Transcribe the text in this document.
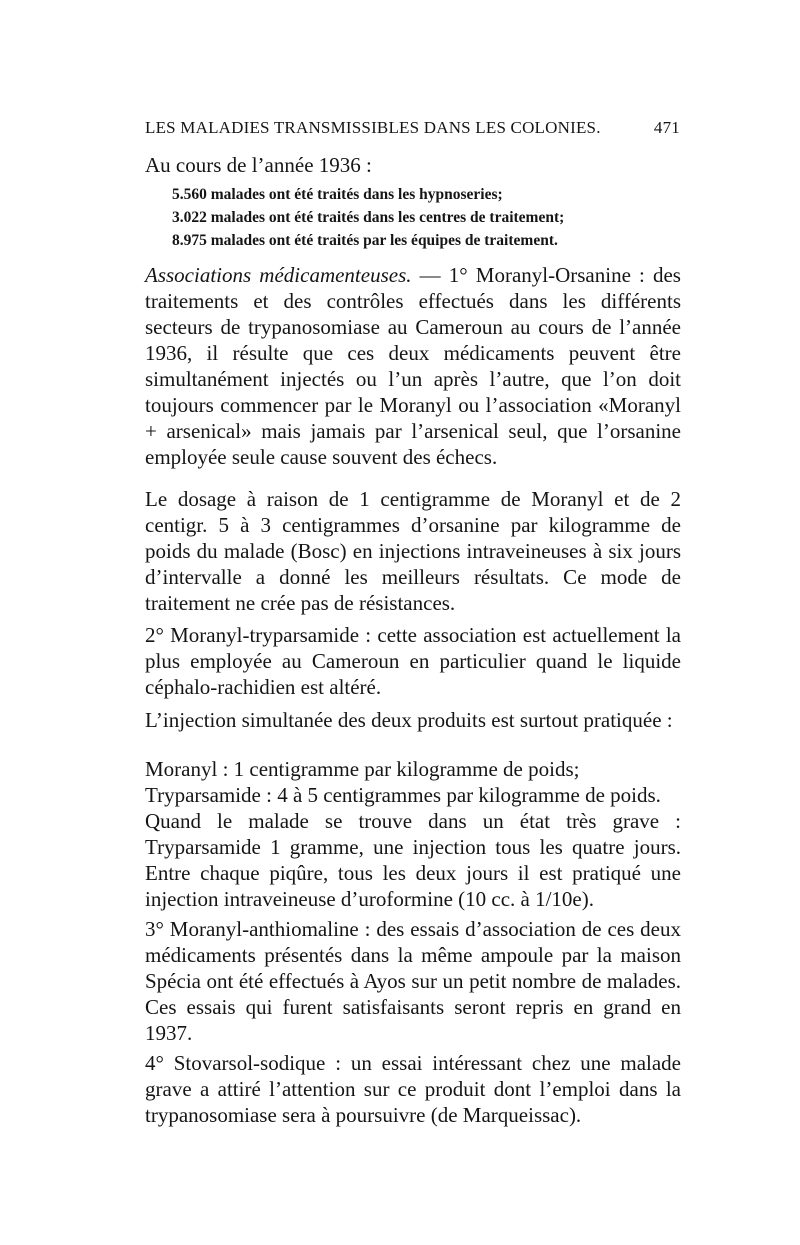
LES MALADIES TRANSMISSIBLES DANS LES COLONIES.	471
Au cours de l’année 1936 :
5.560 malades ont été traités dans les hypnoseries;
3.022 malades ont été traités dans les centres de traitement;
8.975 malades ont été traités par les équipes de traitement.
Associations médicamenteuses. — 1° Moranyl-Orsanine : des traitements et des contrôles effectués dans les différents secteurs de trypanosomiase au Cameroun au cours de l’année 1936, il résulte que ces deux médicaments peuvent être simultanément injectés ou l’un après l’autre, que l’on doit toujours commencer par le Moranyl ou l’association «Moranyl + arsenical» mais jamais par l’arsenical seul, que l’orsanine employée seule cause souvent des échecs.
Le dosage à raison de 1 centigramme de Moranyl et de 2 centigr. 5 à 3 centigrammes d’orsanine par kilogramme de poids du malade (Bosc) en injections intraveineuses à six jours d’intervalle a donné les meilleurs résultats. Ce mode de traitement ne crée pas de résistances.
2° Moranyl-tryparsamide : cette association est actuellement la plus employée au Cameroun en particulier quand le liquide céphalo-rachidien est altéré.
L’injection simultanée des deux produits est surtout pratiquée :
Moranyl : 1 centigramme par kilogramme de poids;
Tryparsamide : 4 à 5 centigrammes par kilogramme de poids.
Quand le malade se trouve dans un état très grave : Tryparsamide 1 gramme, une injection tous les quatre jours. Entre chaque piqûre, tous les deux jours il est pratiqué une injection intraveineuse d’uroformine (10 cc. à 1/10e).
3° Moranyl-anthiomaline : des essais d’association de ces deux médicaments présentés dans la même ampoule par la maison Spécia ont été effectués à Ayos sur un petit nombre de malades. Ces essais qui furent satisfaisants seront repris en grand en 1937.
4° Stovarsol-sodique : un essai intéressant chez une malade grave a attiré l’attention sur ce produit dont l’emploi dans la trypanosomiase sera à poursuivre (de Marqueissac).
